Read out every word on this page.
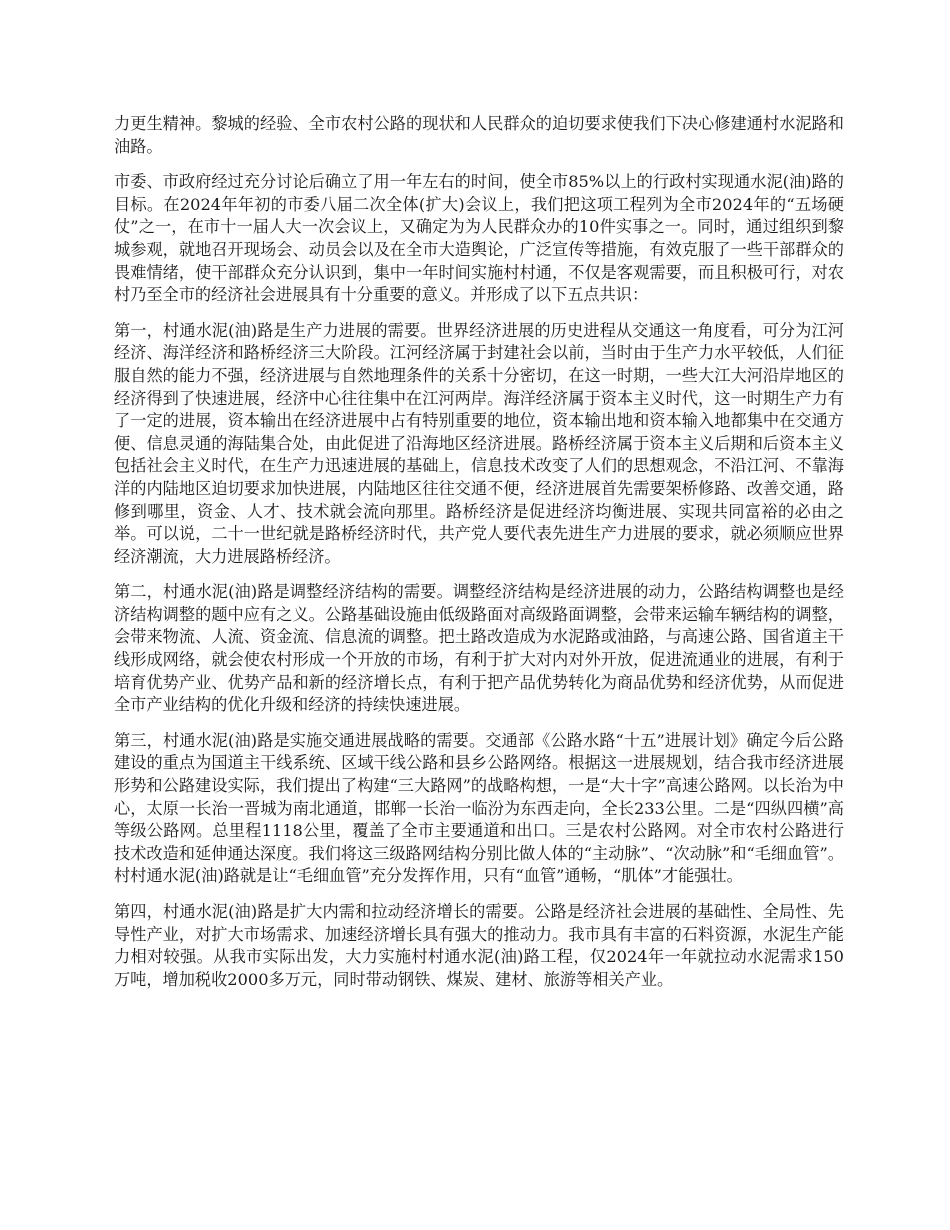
力更生精神。黎城的经验、全市农村公路的现状和人民群众的迫切要求使我们下决心修建通村水泥路和油路。

市委、市政府经过充分讨论后确立了用一年左右的时间，使全市85%以上的行政村实现通水泥(油)路的目标。在2024年年初的市委八届二次全体(扩大)会议上，我们把这项工程列为全市2024年的“五场硬仗”之一，在市十一届人大一次会议上，又确定为为人民群众办的10件实事之一。同时，通过组织到黎城参观，就地召开现场会、动员会以及在全市大造舆论，广泛宣传等措施，有效克服了一些干部群众的畏难情绪，使干部群众充分认识到，集中一年时间实施村村通，不仅是客观需要，而且积极可行，对农村乃至全市的经济社会进展具有十分重要的意义。并形成了以下五点共识：

第一，村通水泥(油)路是生产力进展的需要。世界经济进展的历史进程从交通这一角度看，可分为江河经济、海洋经济和路桥经济三大阶段。江河经济属于封建社会以前，当时由于生产力水平较低，人们征服自然的能力不强，经济进展与自然地理条件的关系十分密切，在这一时期，一些大江大河沿岸地区的经济得到了快速进展，经济中心往往集中在江河两岸。海洋经济属于资本主义时代，这一时期生产力有了一定的进展，资本输出在经济进展中占有特别重要的地位，资本输出地和资本输入地都集中在交通方便、信息灵通的海陆集合处，由此促进了沿海地区经济进展。路桥经济属于资本主义后期和后资本主义包括社会主义时代，在生产力迅速进展的基础上，信息技术改变了人们的思想观念，不沿江河、不靠海洋的内陆地区迫切要求加快进展，内陆地区往往交通不便，经济进展首先需要架桥修路、改善交通，路修到哪里，资金、人才、技术就会流向那里。路桥经济是促进经济均衡进展、实现共同富裕的必由之举。可以说，二十一世纪就是路桥经济时代，共产党人要代表先进生产力进展的要求，就必须顺应世界经济潮流，大力进展路桥经济。

第二，村通水泥(油)路是调整经济结构的需要。调整经济结构是经济进展的动力，公路结构调整也是经济结构调整的题中应有之义。公路基础设施由低级路面对高级路面调整，会带来运输车辆结构的调整，会带来物流、人流、资金流、信息流的调整。把土路改造成为水泥路或油路，与高速公路、国省道主干线形成网络，就会使农村形成一个开放的市场，有利于扩大对内对外开放，促进流通业的进展，有利于培育优势产业、优势产品和新的经济增长点，有利于把产品优势转化为商品优势和经济优势，从而促进全市产业结构的优化升级和经济的持续快速进展。

第三，村通水泥(油)路是实施交通进展战略的需要。交通部《公路水路“十五”进展计划》确定今后公路建设的重点为国道主干线系统、区域干线公路和县乡公路网络。根据这一进展规划，结合我市经济进展形势和公路建设实际，我们提出了构建“三大路网”的战略构想，一是“大十字”高速公路网。以长治为中心，太原一长治一晋城为南北通道，邯郸一长治一临汾为东西走向，全长233公里。二是“四纵四横”高等级公路网。总里程1118公里，覆盖了全市主要通道和出口。三是农村公路网。对全市农村公路进行技术改造和延伸通达深度。我们将这三级路网结构分别比做人体的“主动脉”、“次动脉”和“毛细血管”。村村通水泥(油)路就是让“毛细血管”充分发挥作用，只有“血管”通畅，“肌体”才能强壮。

第四，村通水泥(油)路是扩大内需和拉动经济增长的需要。公路是经济社会进展的基础性、全局性、先导性产业，对扩大市场需求、加速经济增长具有强大的推动力。我市具有丰富的石料资源，水泥生产能力相对较强。从我市实际出发，大力实施村村通水泥(油)路工程，仅2024年一年就拉动水泥需求150万吨，增加税收2000多万元，同时带动钢铁、煤炭、建材、旅游等相关产业。
